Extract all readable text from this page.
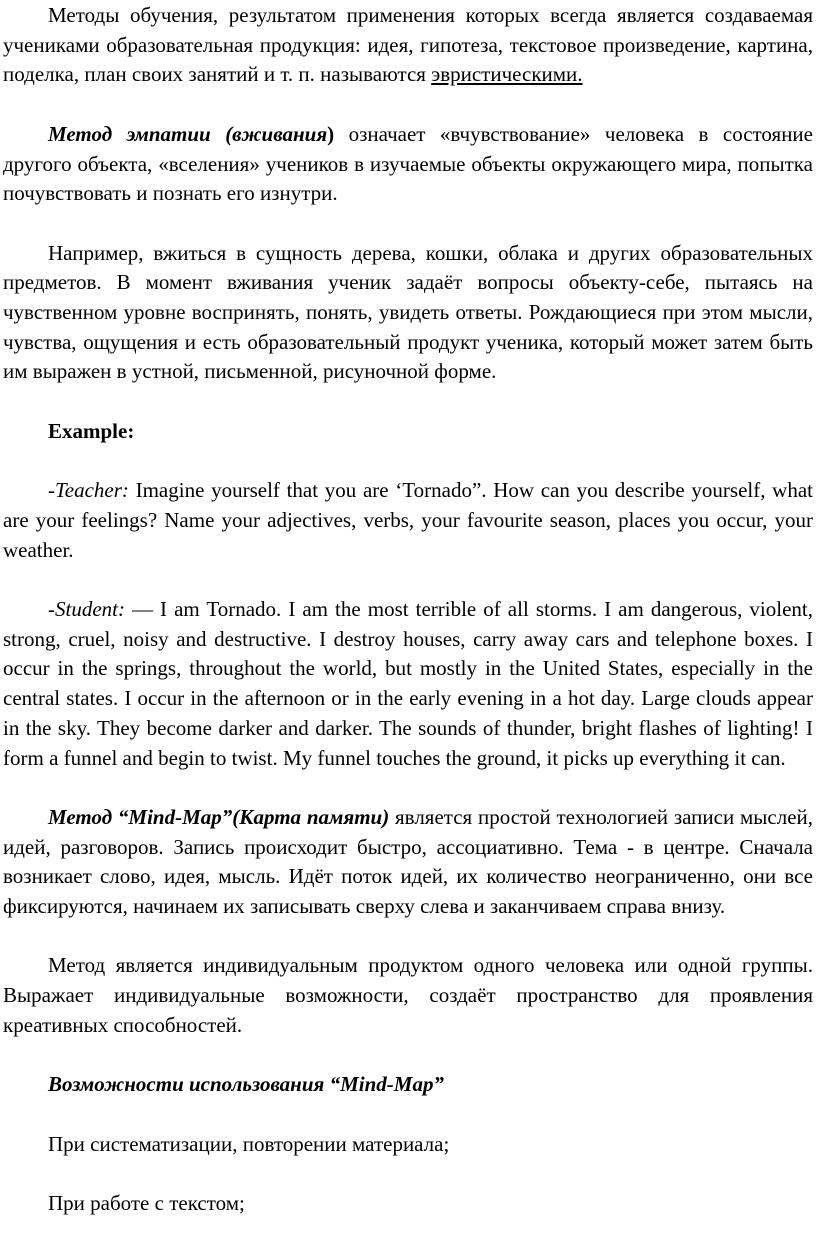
Методы обучения, результатом применения которых всегда является создаваемая учениками образовательная продукция: идея, гипотеза, текстовое произведение, картина, поделка, план своих занятий и т. п. называются эвристическими.

Метод эмпатии (вживания) означает «вчувствование» человека в состояние другого объекта, «вселения» учеников в изучаемые объекты окружающего мира, попытка почувствовать и познать его изнутри.

Например, вжиться в сущность дерева, кошки, облака и других образовательных предметов. В момент вживания ученик задаёт вопросы объекту-себе, пытаясь на чувственном уровне воспринять, понять, увидеть ответы. Рождающиеся при этом мысли, чувства, ощущения и есть образовательный продукт ученика, который может затем быть им выражен в устной, письменной, рисуночной форме.

Example:

-Teacher: Imagine yourself that you are ‘Tornado”. How can you describe yourself, what are your feelings? Name your adjectives, verbs, your favourite season, places you occur, your weather.

-Student: — I am Tornado. I am the most terrible of all storms. I am dangerous, violent, strong, cruel, noisy and destructive. I destroy houses, carry away cars and telephone boxes. I occur in the springs, throughout the world, but mostly in the United States, especially in the central states. I occur in the afternoon or in the early evening in a hot day. Large clouds appear in the sky. They become darker and darker. The sounds of thunder, bright flashes of lighting! I form a funnel and begin to twist. My funnel touches the ground, it picks up everything it can.

Метод “Mind-Map”(Карта памяти) является простой технологией записи мыслей, идей, разговоров. Запись происходит быстро, ассоциативно. Тема - в центре. Сначала возникает слово, идея, мысль. Идёт поток идей, их количество неограниченно, они все фиксируются, начинаем их записывать сверху слева и заканчиваем справа внизу.

Метод является индивидуальным продуктом одного человека или одной группы. Выражает индивидуальные возможности, создаёт пространство для проявления креативных способностей.

Возможности использования “Mind-Map”

При систематизации, повторении материала;

При работе с текстом;
